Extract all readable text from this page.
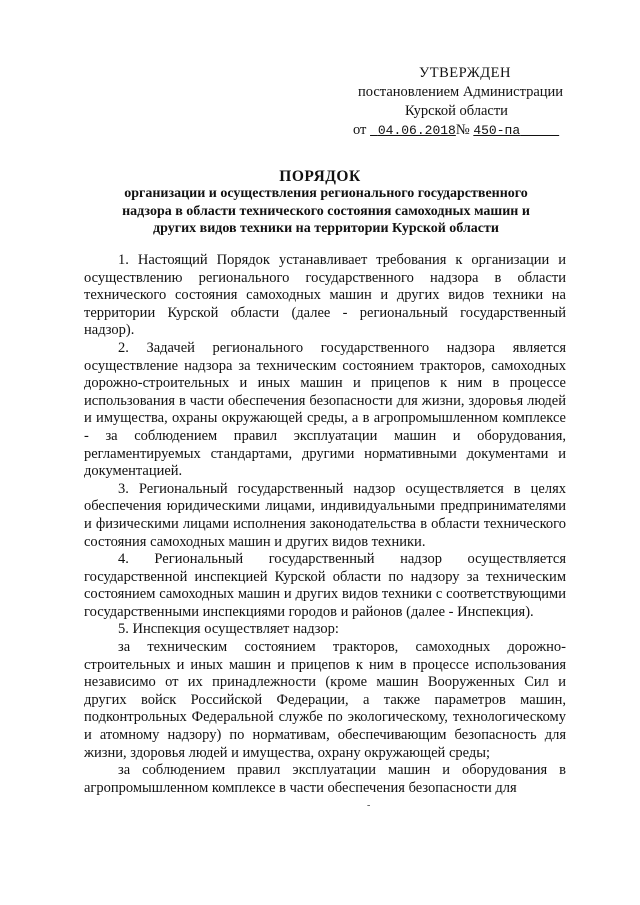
УТВЕРЖДЕН
постановлением Администрации
Курской области
от 04.06.2018№ 450-па
ПОРЯДОК
организации и осуществления регионального государственного надзора в области технического состояния самоходных машин и других видов техники на территории Курской области

1. Настоящий Порядок устанавливает требования к организации и осуществлению регионального государственного надзора в области технического состояния самоходных машин и других видов техники на территории Курской области (далее - региональный государственный надзор).

2. Задачей регионального государственного надзора является осуществление надзора за техническим состоянием тракторов, самоходных дорожно-строительных и иных машин и прицепов к ним в процессе использования в части обеспечения безопасности для жизни, здоровья людей и имущества, охраны окружающей среды, а в агропромышленном комплексе - за соблюдением правил эксплуатации машин и оборудования, регламентируемых стандартами, другими нормативными документами и документацией.

3. Региональный государственный надзор осуществляется в целях обеспечения юридическими лицами, индивидуальными предпринимателями и физическими лицами исполнения законодательства в области технического состояния самоходных машин и других видов техники.

4. Региональный государственный надзор осуществляется государственной инспекцией Курской области по надзору за техническим состоянием самоходных машин и других видов техники с соответствующими государственными инспекциями городов и районов (далее - Инспекция).

5. Инспекция осуществляет надзор:

за техническим состоянием тракторов, самоходных дорожно-строительных и иных машин и прицепов к ним в процессе использования независимо от их принадлежности (кроме машин Вооруженных Сил и других войск Российской Федерации, а также параметров машин, подконтрольных Федеральной службе по экологическому, технологическому и атомному надзору) по нормативам, обеспечивающим безопасность для жизни, здоровья людей и имущества, охрану окружающей среды;

за соблюдением правил эксплуатации машин и оборудования в агропромышленном комплексе в части обеспечения безопасности для

-
